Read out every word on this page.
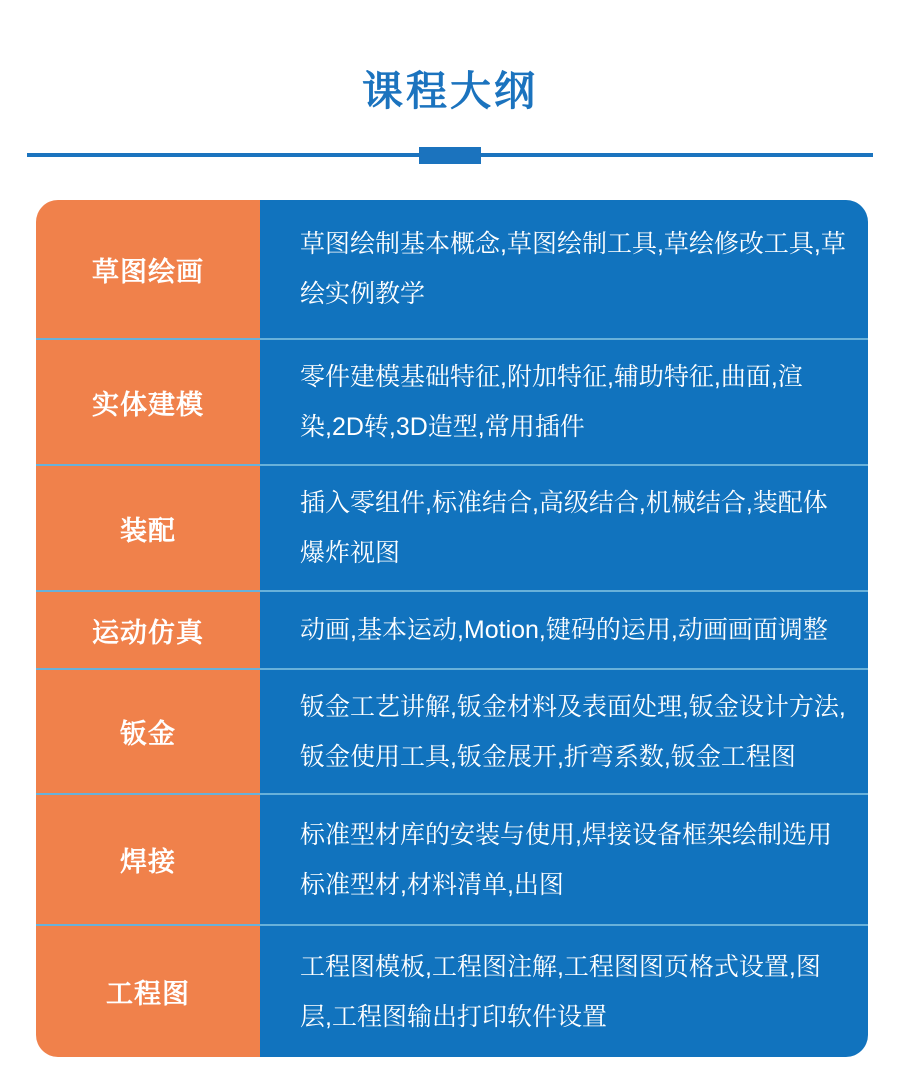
课程大纲
草图绘画
草图绘制基本概念,草图绘制工具,草绘修改工具,草绘实例教学
实体建模
零件建模基础特征,附加特征,辅助特征,曲面,渲染,2D转,3D造型,常用插件
装配
插入零组件,标准结合,高级结合,机械结合,装配体爆炸视图
运动仿真	动画,基本运动,Motion,键码的运用,动画画面调整
钣金
钣金工艺讲解,钣金材料及表面处理,钣金设计方法,钣金使用工具,钣金展开,折弯系数,钣金工程图
焊接
标准型材库的安装与使用,焊接设备框架绘制选用标准型材,材料清单,出图
工程图
工程图模板,工程图注解,工程图图页格式设置,图层,工程图输出打印软件设置
